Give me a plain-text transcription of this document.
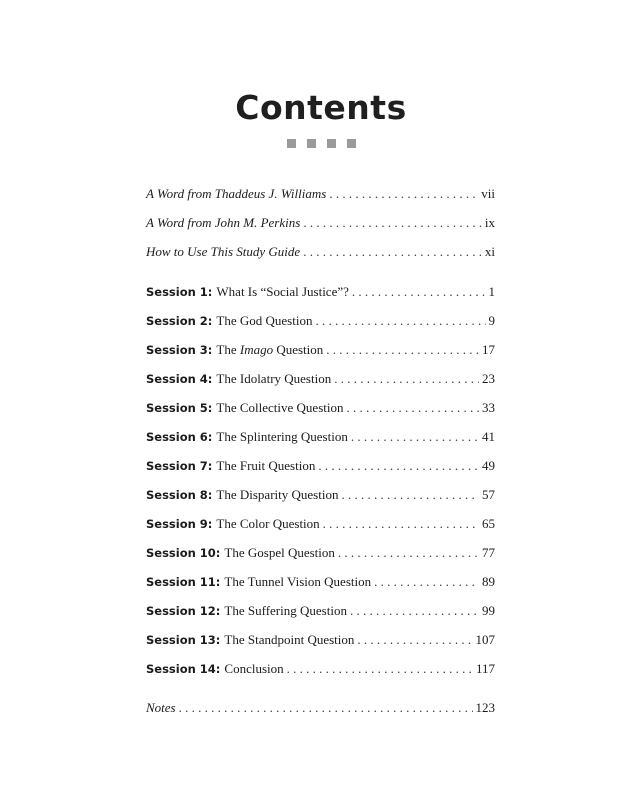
Contents
A Word from Thaddeus J. Williams . . .	vii
A Word from John M. Perkins . . .	ix
How to Use This Study Guide . . .	xi
Session 1: What Is “Social Justice”? . . .	1
Session 2: The God Question . . .	9
Session 3: The Imago Question . . .	17
Session 4: The Idolatry Question . . .	23
Session 5: The Collective Question . . .	33
Session 6: The Splintering Question . . .	41
Session 7: The Fruit Question . . .	49
Session 8: The Disparity Question . . .	57
Session 9: The Color Question . . .	65
Session 10: The Gospel Question . . .	77
Session 11: The Tunnel Vision Question . . .	89
Session 12: The Suffering Question . . .	99
Session 13: The Standpoint Question . . .	107
Session 14: Conclusion . . .	117
Notes . . .	123
